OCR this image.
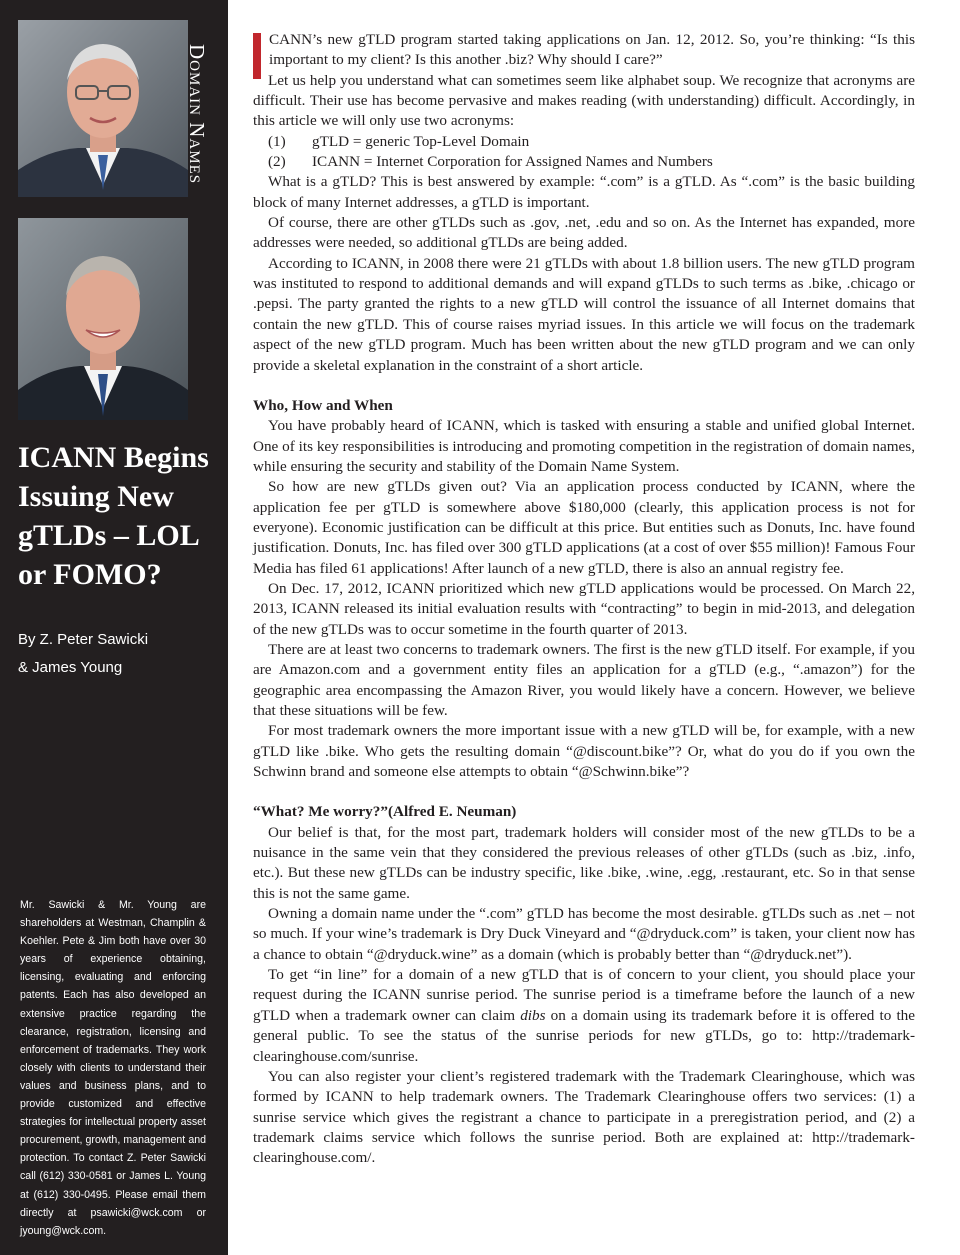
Domain Names
ICANN Begins Issuing New gTLDs – LOL or FOMO?

By Z. Peter Sawicki

& James Young

Mr. Sawicki & Mr. Young are shareholders at Westman, Champlin & Koehler. Pete & Jim both have over 30 years of experience obtaining, licensing, evaluating and enforcing patents. Each has also developed an extensive practice regarding the clearance, registration, licensing and enforcement of trademarks. They work closely with clients to understand their values and business plans, and to provide customized and effective strategies for intellectual property asset procurement, growth, management and protection. To contact Z. Peter Sawicki call (612) 330-0581 or James L. Young at (612) 330-0495. Please email them directly at psawicki@wck.com or jyoung@wck.com.

CANN’s new gTLD program started taking applications on Jan. 12, 2012. So, you’re thinking: “Is this important to my client? Is this another .biz? Why should I care?”

Let us help you understand what can sometimes seem like alphabet soup. We recognize that acronyms are difficult. Their use has become pervasive and makes reading (with understanding) difficult. Accordingly, in this article we will only use two acronyms:

(1) gTLD = generic Top-Level Domain

(2) ICANN = Internet Corporation for Assigned Names and Numbers

What is a gTLD? This is best answered by example: “.com” is a gTLD. As “.com” is the basic building block of many Internet addresses, a gTLD is important.

Of course, there are other gTLDs such as .gov, .net, .edu and so on. As the Internet has expanded, more addresses were needed, so additional gTLDs are being added.

According to ICANN, in 2008 there were 21 gTLDs with about 1.8 billion users. The new gTLD program was instituted to respond to additional demands and will expand gTLDs to such terms as .bike, .chicago or .pepsi. The party granted the rights to a new gTLD will control the issuance of all Internet domains that contain the new gTLD. This of course raises myriad issues. In this article we will focus on the trademark aspect of the new gTLD program. Much has been written about the new gTLD program and we can only provide a skeletal explanation in the constraint of a short article.

Who, How and When

You have probably heard of ICANN, which is tasked with ensuring a stable and unified global Internet. One of its key responsibilities is introducing and promoting competition in the registration of domain names, while ensuring the security and stability of the Domain Name System.

So how are new gTLDs given out? Via an application process conducted by ICANN, where the application fee per gTLD is somewhere above $180,000 (clearly, this application process is not for everyone). Economic justification can be difficult at this price. But entities such as Donuts, Inc. have found justification. Donuts, Inc. has filed over 300 gTLD applications (at a cost of over $55 million)! Famous Four Media has filed 61 applications! After launch of a new gTLD, there is also an annual registry fee.

On Dec. 17, 2012, ICANN prioritized which new gTLD applications would be processed. On March 22, 2013, ICANN released its initial evaluation results with “contracting” to begin in mid-2013, and delegation of the new gTLDs was to occur sometime in the fourth quarter of 2013.

There are at least two concerns to trademark owners. The first is the new gTLD itself. For example, if you are Amazon.com and a government entity files an application for a gTLD (e.g., “.amazon”) for the geographic area encompassing the Amazon River, you would likely have a concern. However, we believe that these situations will be few.

For most trademark owners the more important issue with a new gTLD will be, for example, with a new gTLD like .bike. Who gets the resulting domain “@discount.bike”? Or, what do you do if you own the Schwinn brand and someone else attempts to obtain “@Schwinn.bike”?

“What? Me worry?”(Alfred E. Neuman)

Our belief is that, for the most part, trademark holders will consider most of the new gTLDs to be a nuisance in the same vein that they considered the previous releases of other gTLDs (such as .biz, .info, etc.). But these new gTLDs can be industry specific, like .bike, .wine, .egg, .restaurant, etc. So in that sense this is not the same game.

Owning a domain name under the “.com” gTLD has become the most desirable. gTLDs such as .net – not so much. If your wine’s trademark is Dry Duck Vineyard and “@dryduck.com” is taken, your client now has a chance to obtain “@dryduck.wine” as a domain (which is probably better than “@dryduck.net”).

To get “in line” for a domain of a new gTLD that is of concern to your client, you should place your request during the ICANN sunrise period. The sunrise period is a timeframe before the launch of a new gTLD when a trademark owner can claim dibs on a domain using its trademark before it is offered to the general public. To see the status of the sunrise periods for new gTLDs, go to: http://trademark-clearinghouse.com/sunrise.

You can also register your client’s registered trademark with the Trademark Clearinghouse, which was formed by ICANN to help trademark owners. The Trademark Clearinghouse offers two services: (1) a sunrise service which gives the registrant a chance to participate in a preregistration period, and (2) a trademark claims service which follows the sunrise period. Both are explained at: http://trademark-clearinghouse.com/.
